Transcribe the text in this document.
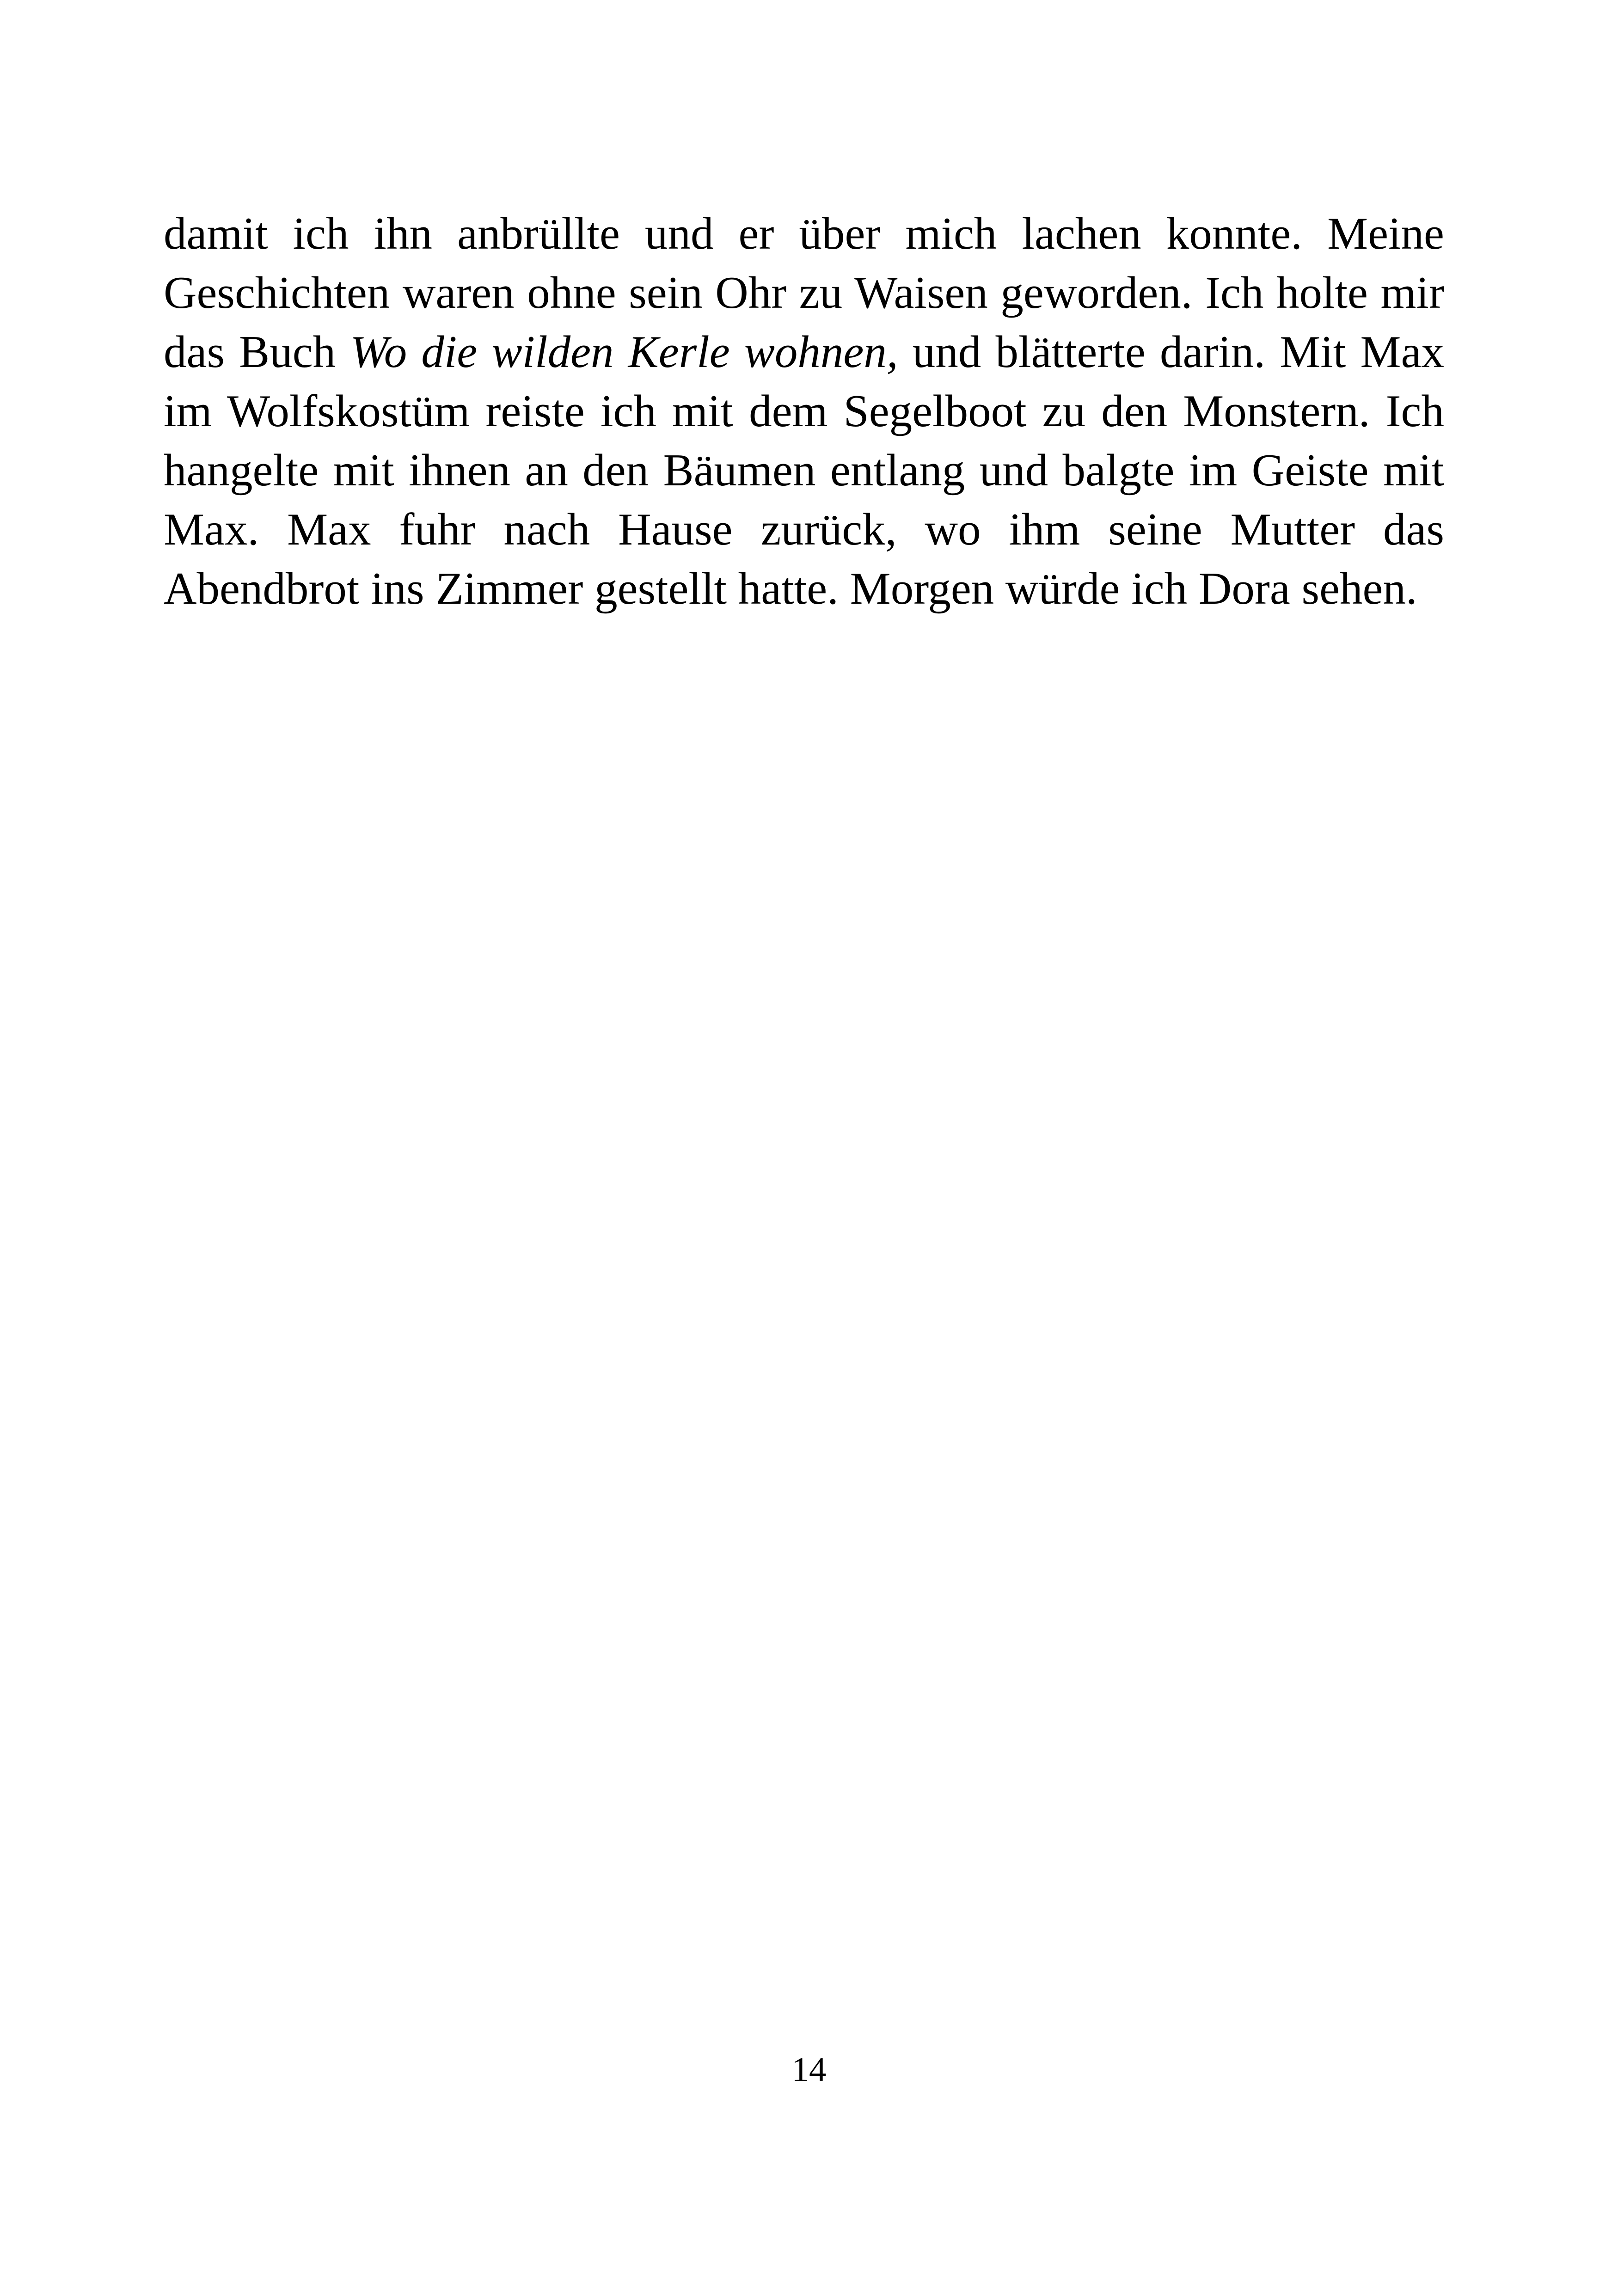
damit ich ihn anbrüllte und er über mich lachen konnte. Meine
Geschichten waren ohne sein Ohr zu Waisen geworden. Ich holte mir
das Buch Wo die wilden Kerle wohnen, und blätterte darin. Mit Max
im Wolfskostüm reiste ich mit dem Segelboot zu den Monstern. Ich
hangelte mit ihnen an den Bäumen entlang und balgte im Geiste mit
Max. Max fuhr nach Hause zurück, wo ihm seine Mutter das
Abendbrot ins Zimmer gestellt hatte. Morgen würde ich Dora sehen.
14
